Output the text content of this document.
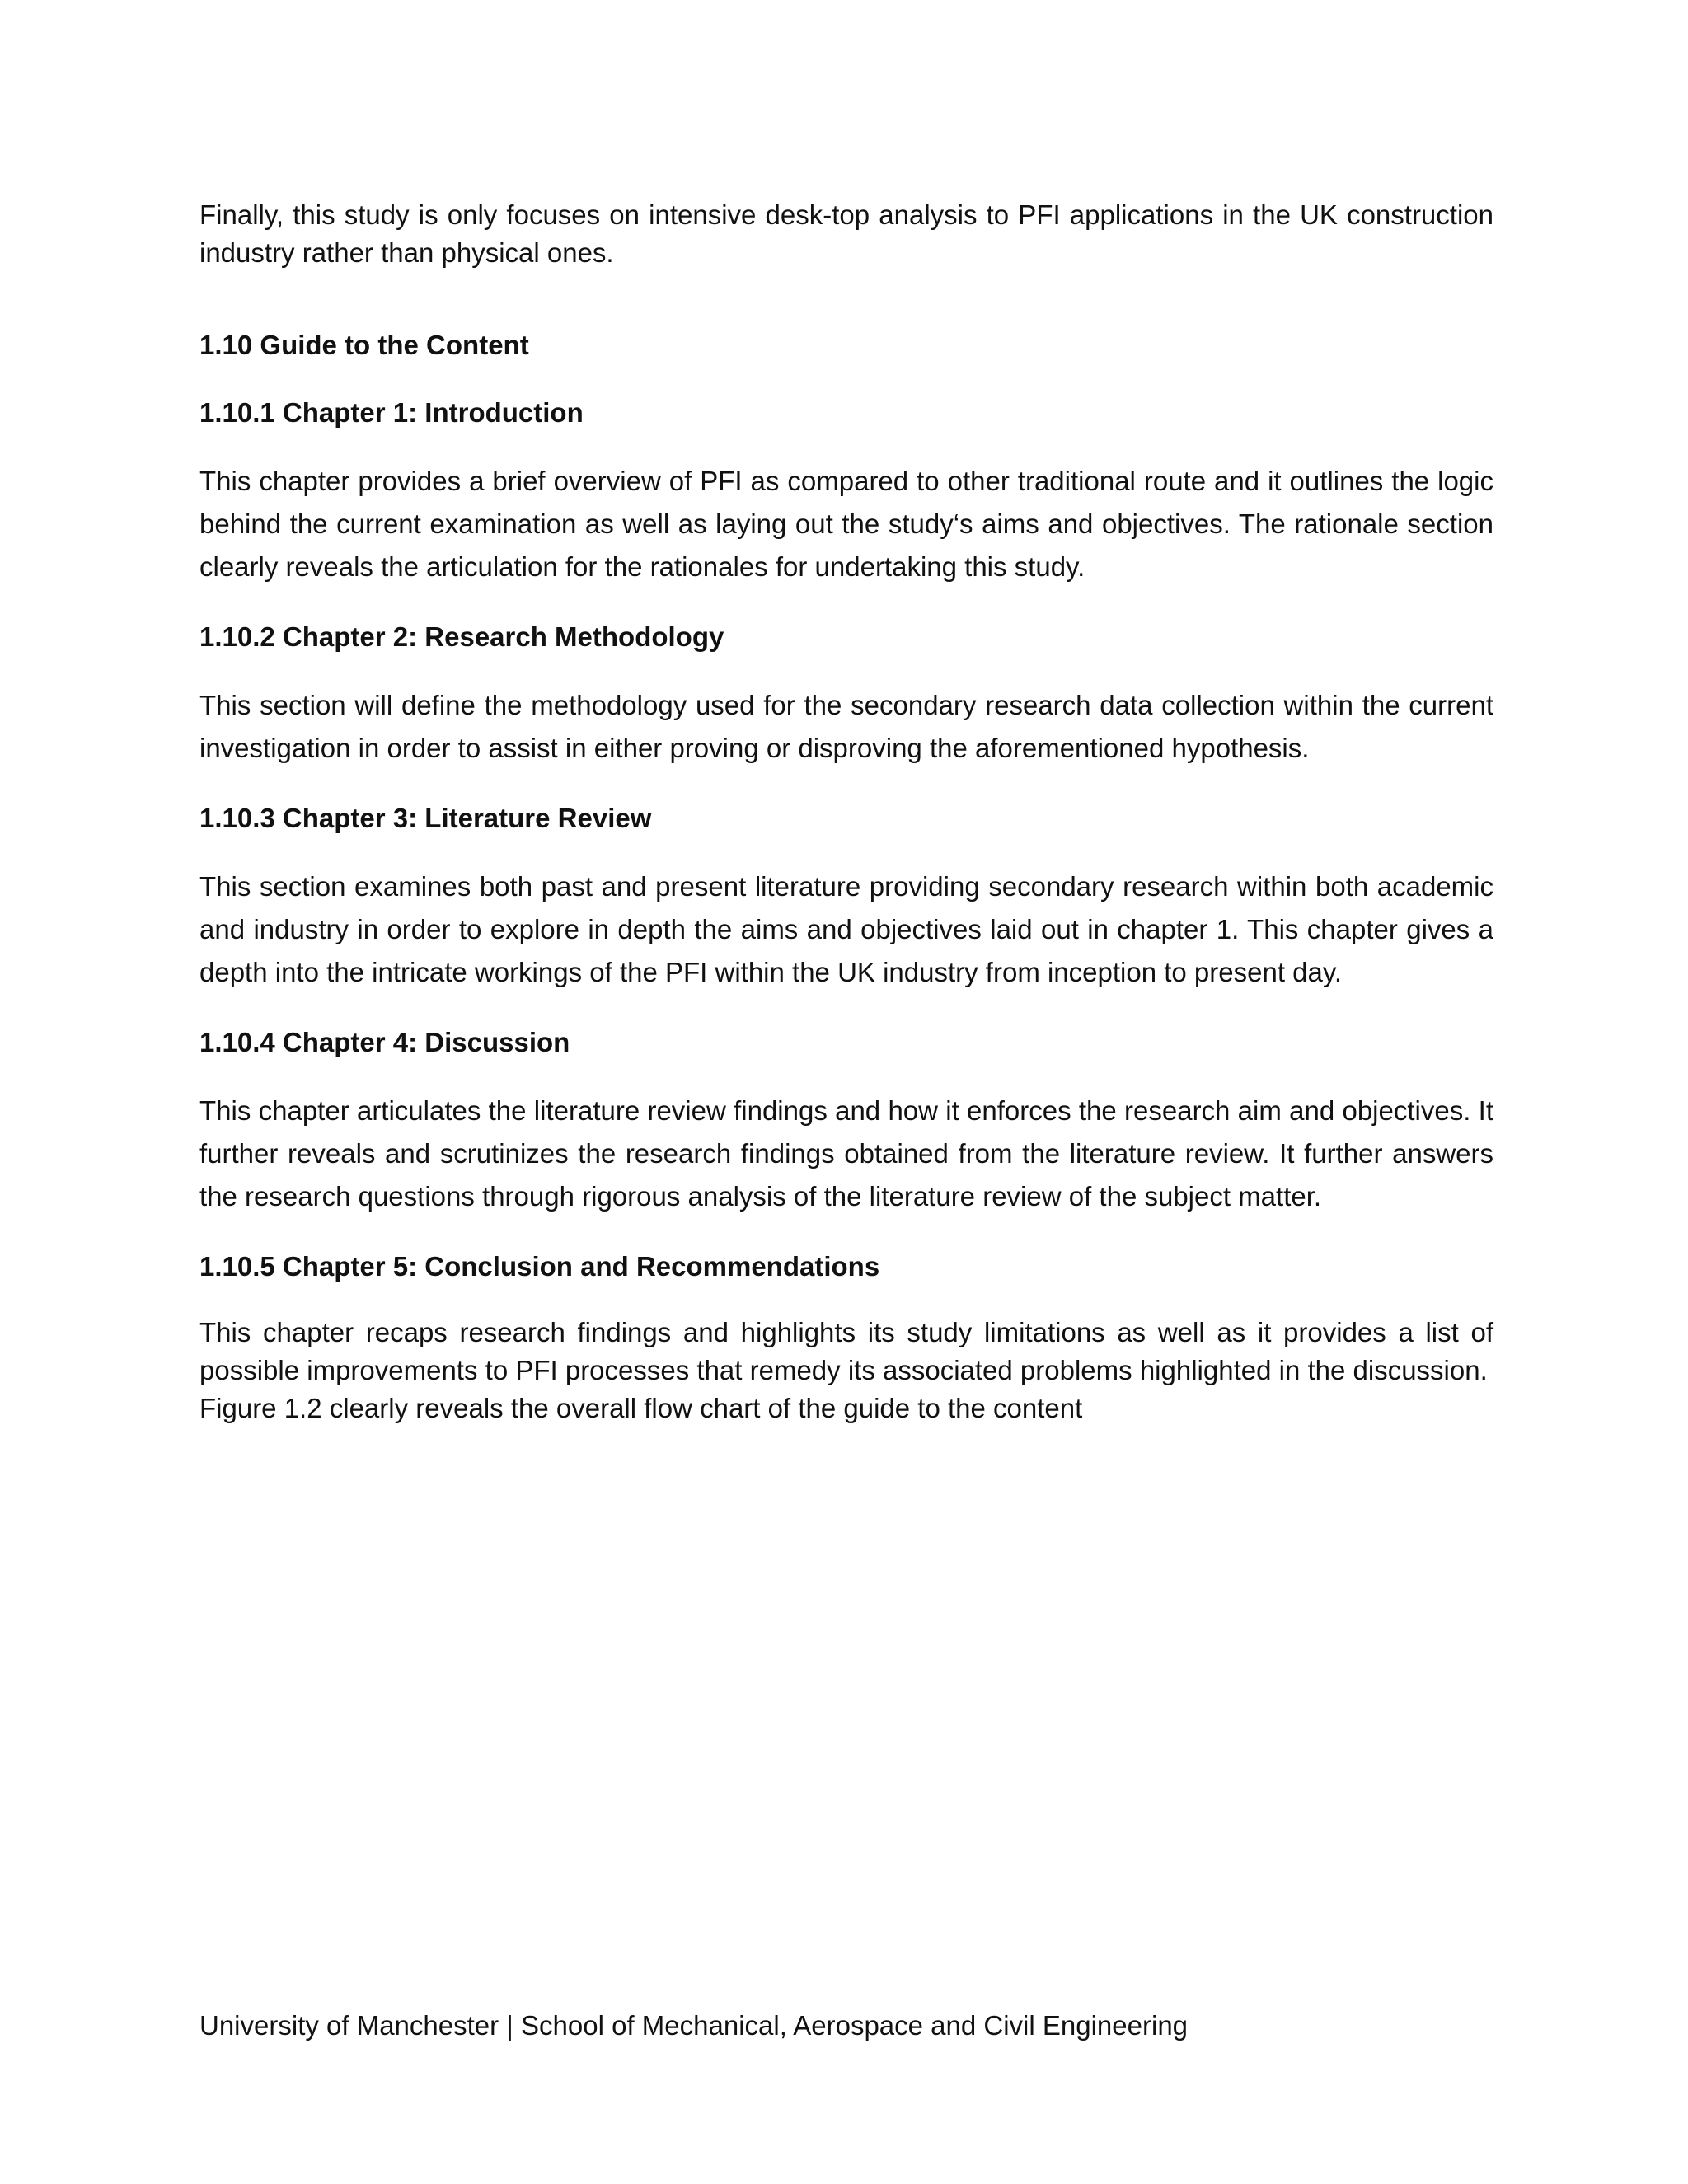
Finally, this study is only focuses on intensive desk-top analysis to PFI applications in the UK construction industry rather than physical ones.

1.10 Guide to the Content

1.10.1 Chapter 1: Introduction

This chapter provides a brief overview of PFI as compared to other traditional route and it outlines the logic behind the current examination as well as laying out the study‘s aims and objectives. The rationale section clearly reveals the articulation for the rationales for undertaking this study.

1.10.2 Chapter 2: Research Methodology

This section will define the methodology used for the secondary research data collection within the current investigation in order to assist in either proving or disproving the aforementioned hypothesis.

1.10.3 Chapter 3: Literature Review

This section examines both past and present literature providing secondary research within both academic and industry in order to explore in depth the aims and objectives laid out in chapter 1. This chapter gives a depth into the intricate workings of the PFI within the UK industry from inception to present day.

1.10.4 Chapter 4: Discussion

This chapter articulates the literature review findings and how it enforces the research aim and objectives. It further reveals and scrutinizes the research findings obtained from the literature review. It further answers the research questions through rigorous analysis of the literature review of the subject matter.

1.10.5 Chapter 5: Conclusion and Recommendations

This chapter recaps research findings and highlights its study limitations as well as it provides a list of possible improvements to PFI processes that remedy its associated problems highlighted in the discussion.

Figure 1.2 clearly reveals the overall flow chart of the guide to the content

University of Manchester | School of Mechanical, Aerospace and Civil Engineering
